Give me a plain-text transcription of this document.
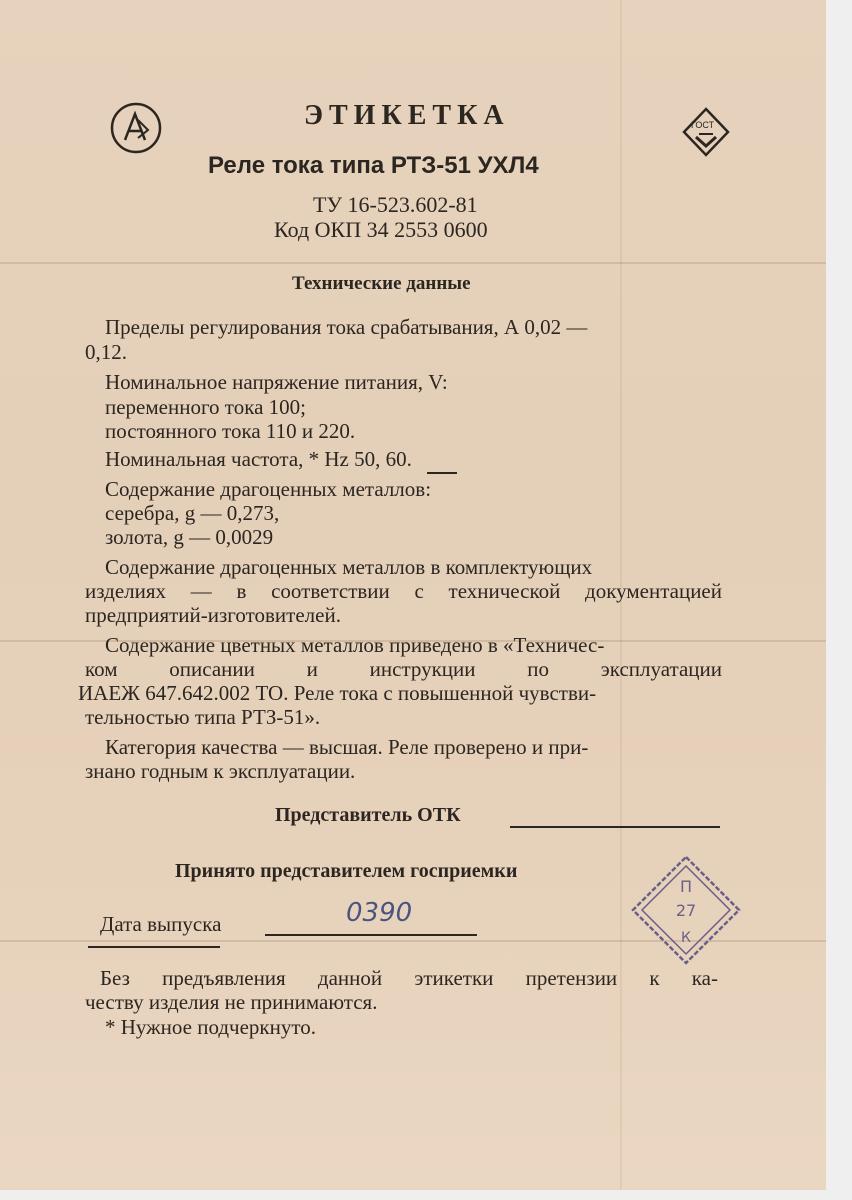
ГОСТ
ЭТИКЕТКА
Реле тока типа РТЗ-51 УХЛ4
ТУ 16-523.602-81
Код ОКП 34 2553 0600
Технические данные
Пределы регулирования тока срабатывания, А 0,02 —
0,12.
Номинальное напряжение питания, V:
переменного тока 100;
постоянного тока 110 и 220.
Номинальная частота, * Hz 50, 60.
Содержание драгоценных металлов:
серебра, g — 0,273,
золота, g — 0,0029
Содержание драгоценных металлов в комплектующих
изделиях — в соответствии с технической документацией
предприятий-изготовителей.
Содержание цветных металлов приведено в «Техничес-
ком описании и инструкции по эксплуатации
ИАЕЖ 647.642.002 ТО. Реле тока с повышенной чувстви-
тельностью типа РТЗ-51».
Категория качества — высшая. Реле проверено и при-
знано годным к эксплуатации.
Представитель ОТК
Принято представителем госприемки
Дата выпуска	0390
П
27
К
Без предъявления данной этикетки претензии к ка-
честву изделия не принимаются.
* Нужное подчеркнуто.
